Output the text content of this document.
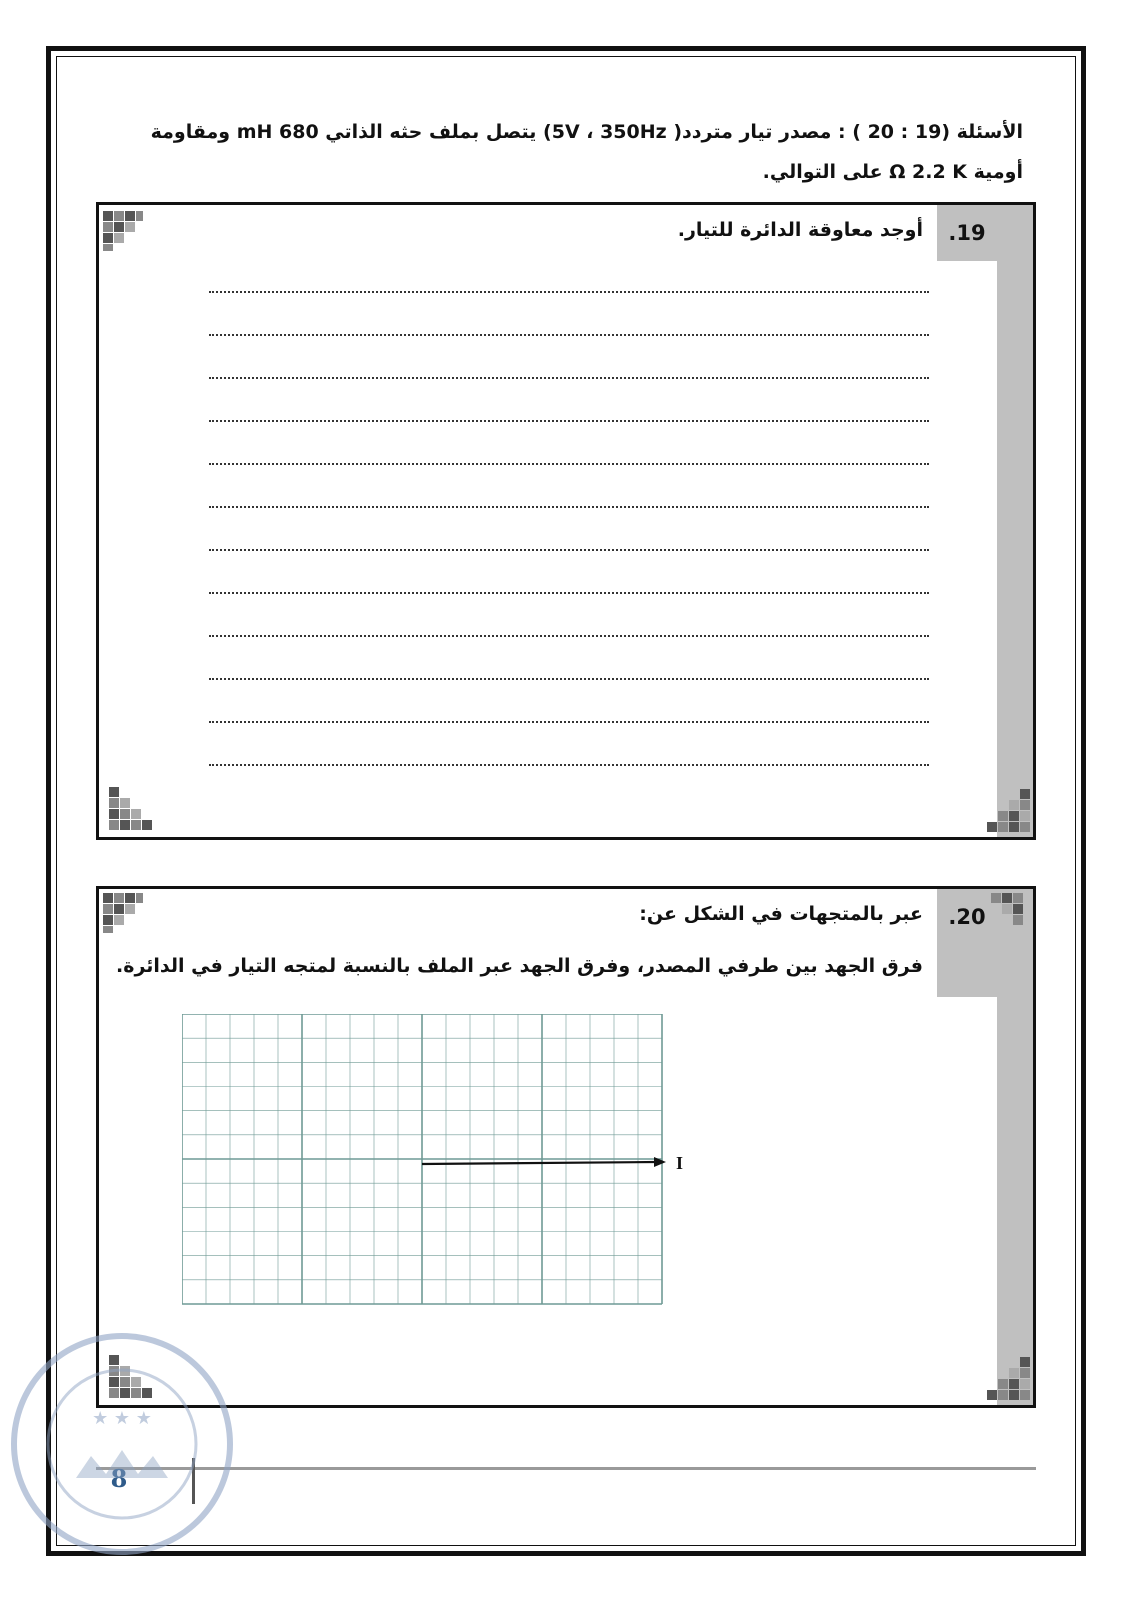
الأسئلة (19 : 20 ) : مصدر تيار متردد( 5V ، 350Hz) يتصل بملف حثه الذاتي mH 680 ومقاومة
أومية Ω 2.2 K على التوالي.
19.
أوجد معاوقة الدائرة للتيار.
20.
عبر بالمتجهات في الشكل عن:
فرق الجهد بين طرفي المصدر، وفرق الجهد عبر الملف بالنسبة لمتجه التيار في الدائرة.
I
8
★ ★ ★
